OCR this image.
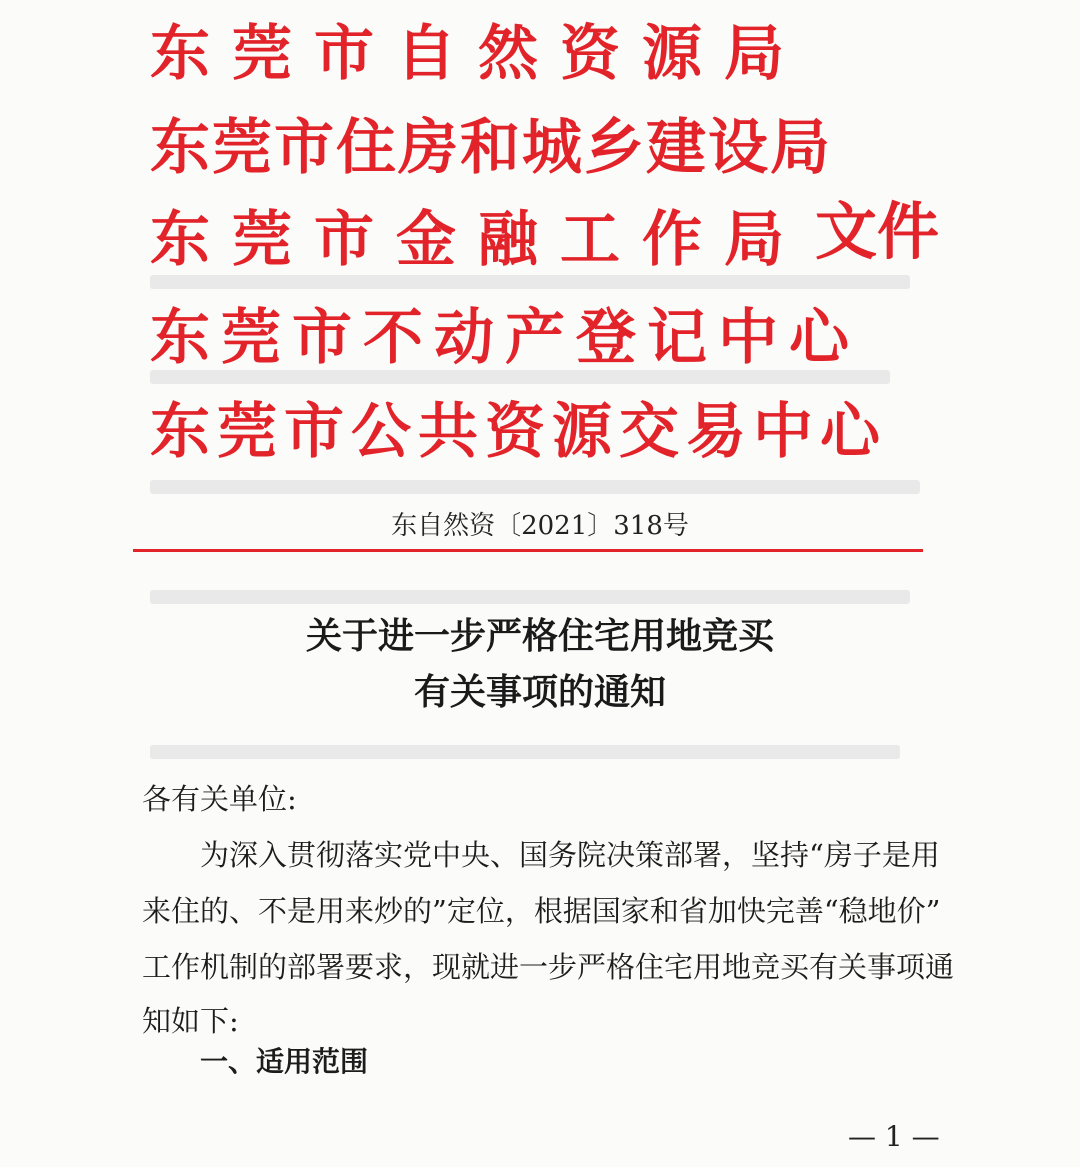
东莞市自然资源局
东莞市住房和城乡建设局
东莞市金融工作局 文件
东莞市不动产登记中心
东莞市公共资源交易中心
东自然资〔2021〕318号
关于进一步严格住宅用地竞买
有关事项的通知

各有关单位:

为深入贯彻落实党中央、国务院决策部署，坚持“房子是用

来住的、不是用来炒的”定位，根据国家和省加快完善“稳地价”

工作机制的部署要求，现就进一步严格住宅用地竞买有关事项通

知如下:

一、适用范围
— 1 —
